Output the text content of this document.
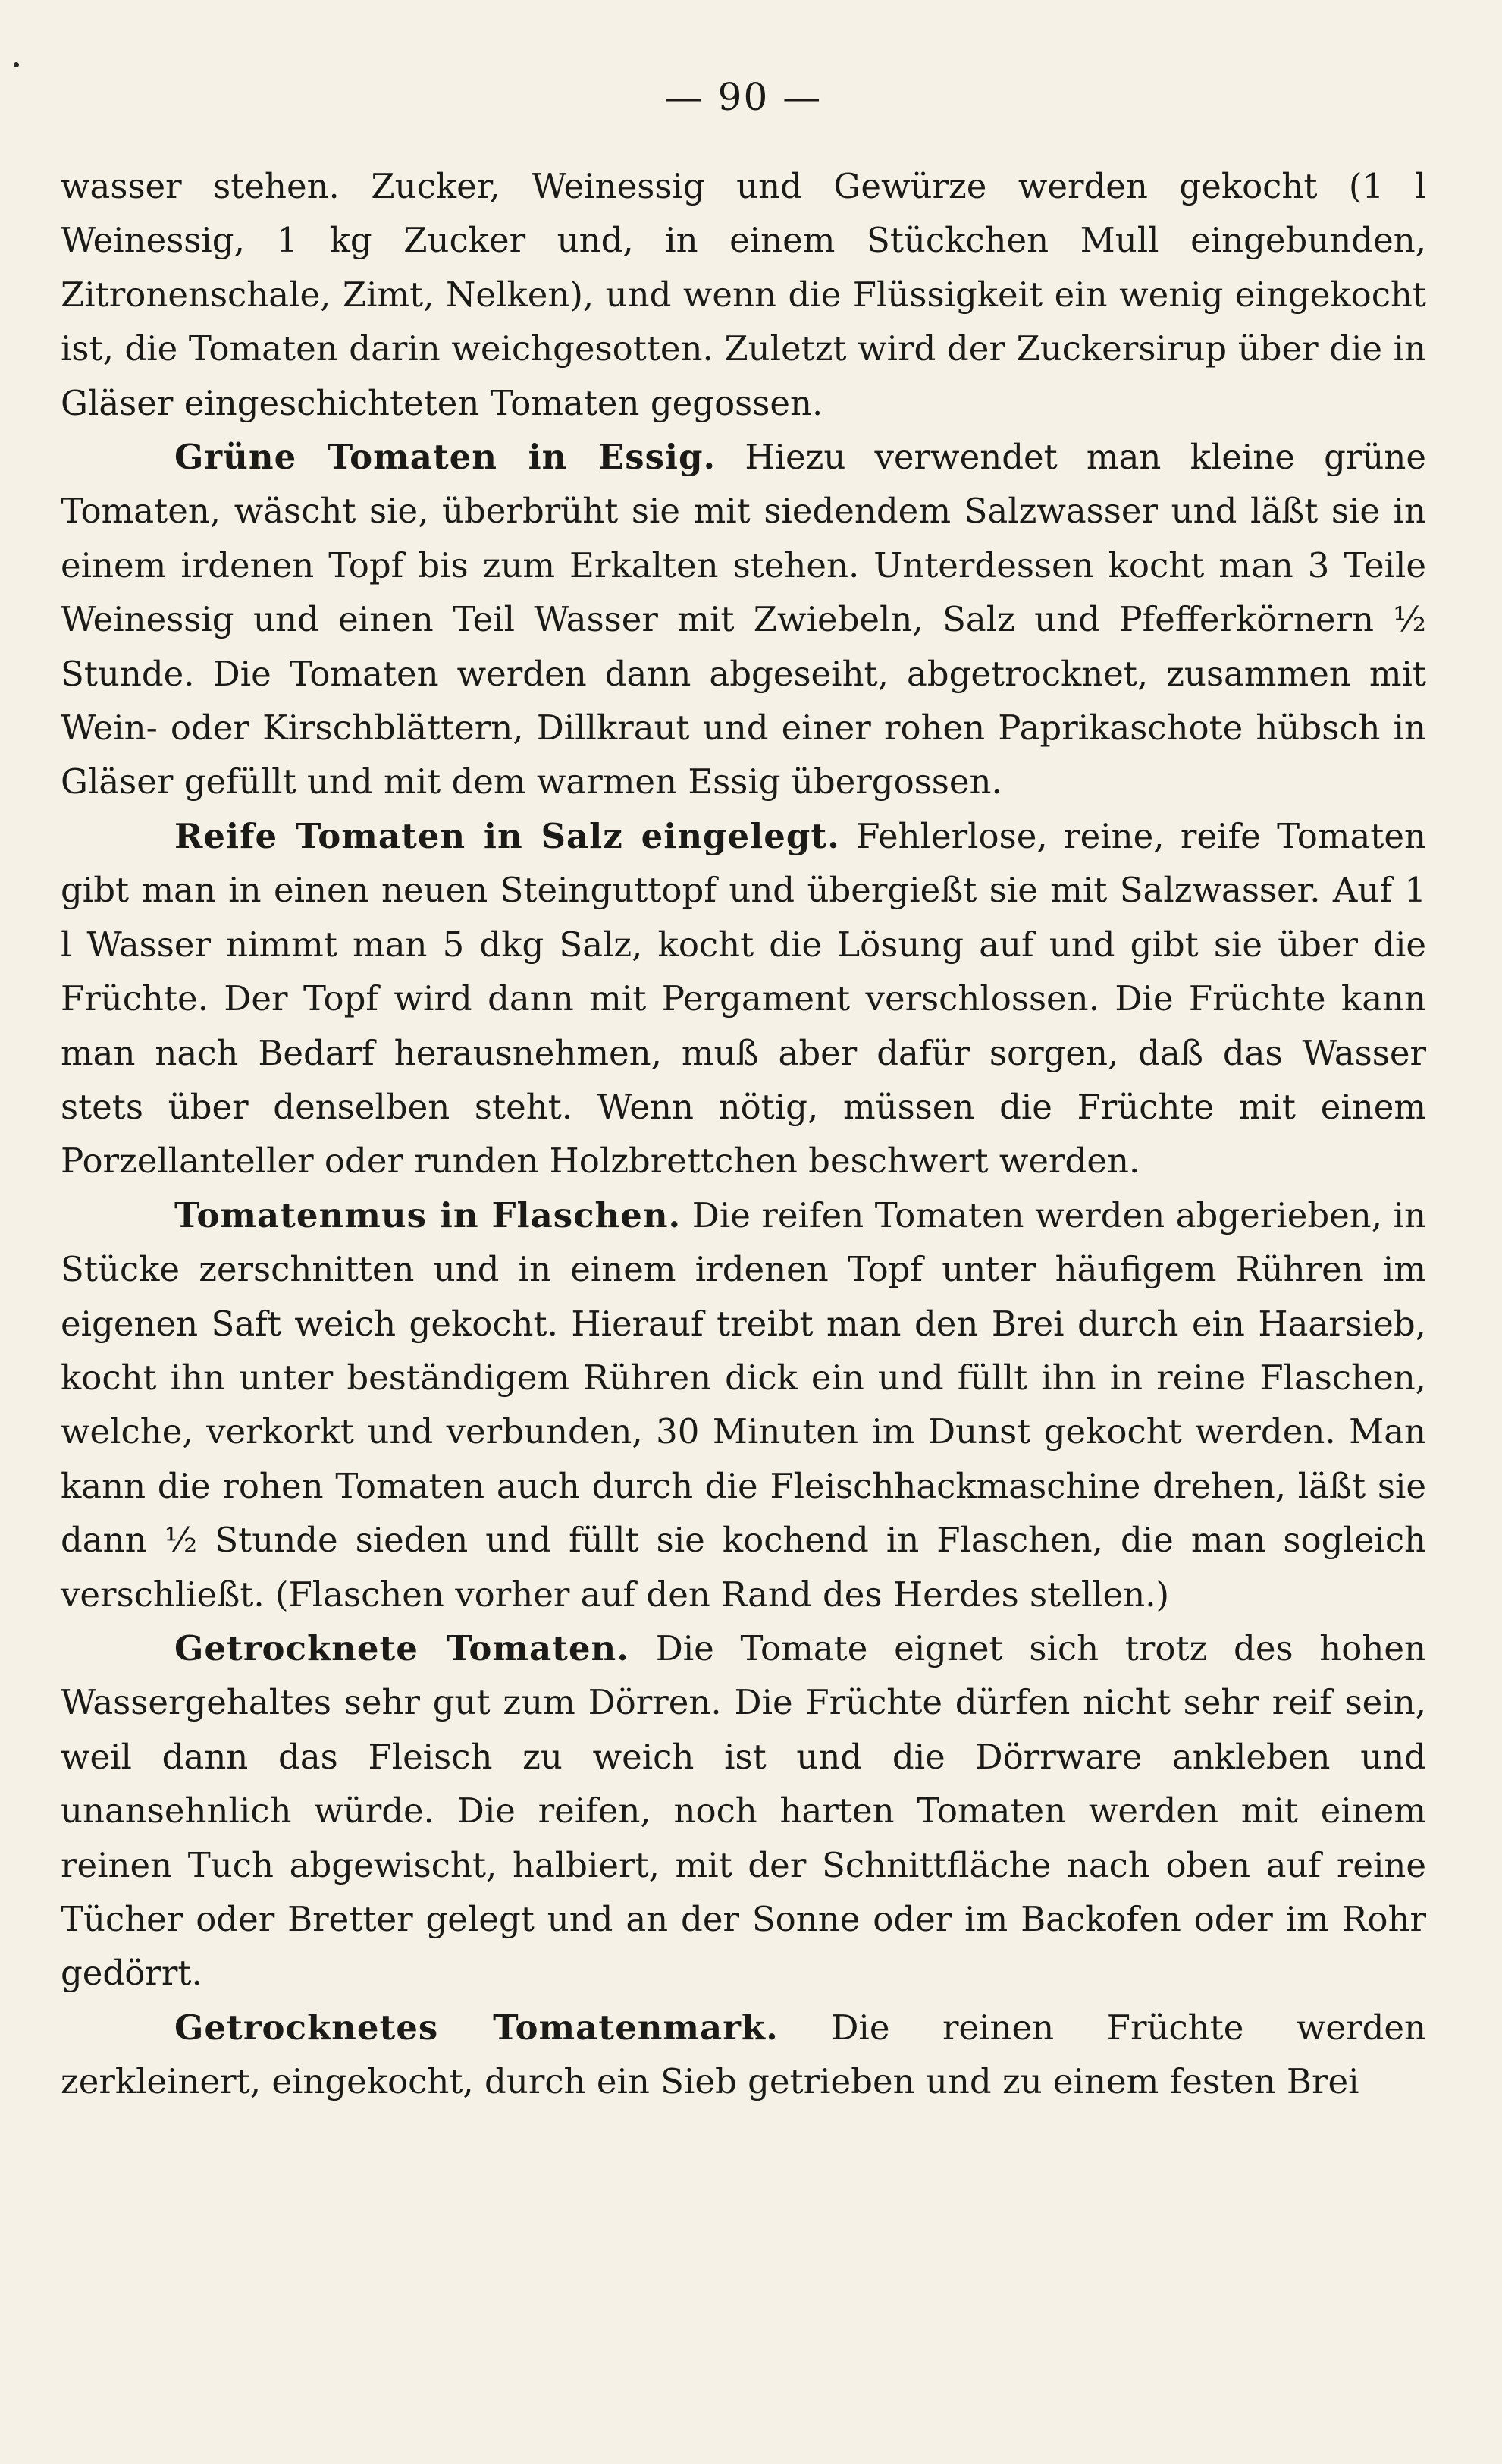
— 90 —

wasser stehen. Zucker, Weinessig und Gewürze werden gekocht (1 l Weinessig, 1 kg Zucker und, in einem Stückchen Mull eingebunden, Zitronenschale, Zimt, Nelken), und wenn die Flüssigkeit ein wenig eingekocht ist, die Tomaten darin weichgesotten. Zuletzt wird der Zuckersirup über die in Gläser eingeschichteten Tomaten gegossen.

Grüne Tomaten in Essig. Hiezu verwendet man kleine grüne Tomaten, wäscht sie, überbrüht sie mit siedendem Salzwasser und läßt sie in einem irdenen Topf bis zum Erkalten stehen. Unterdessen kocht man 3 Teile Weinessig und einen Teil Wasser mit Zwiebeln, Salz und Pfefferkörnern ½ Stunde. Die Tomaten werden dann abgeseiht, abgetrocknet, zusammen mit Wein- oder Kirschblättern, Dillkraut und einer rohen Paprikaschote hübsch in Gläser gefüllt und mit dem warmen Essig übergossen.

Reife Tomaten in Salz eingelegt. Fehlerlose, reine, reife Tomaten gibt man in einen neuen Steinguttopf und übergießt sie mit Salzwasser. Auf 1 l Wasser nimmt man 5 dkg Salz, kocht die Lösung auf und gibt sie über die Früchte. Der Topf wird dann mit Pergament verschlossen. Die Früchte kann man nach Bedarf herausnehmen, muß aber dafür sorgen, daß das Wasser stets über denselben steht. Wenn nötig, müssen die Früchte mit einem Porzellanteller oder runden Holzbrettchen beschwert werden.

Tomatenmus in Flaschen. Die reifen Tomaten werden abgerieben, in Stücke zerschnitten und in einem irdenen Topf unter häufigem Rühren im eigenen Saft weich gekocht. Hierauf treibt man den Brei durch ein Haarsieb, kocht ihn unter beständigem Rühren dick ein und füllt ihn in reine Flaschen, welche, verkorkt und verbunden, 30 Minuten im Dunst gekocht werden. Man kann die rohen Tomaten auch durch die Fleischhackmaschine drehen, läßt sie dann ½ Stunde sieden und füllt sie kochend in Flaschen, die man sogleich verschließt. (Flaschen vorher auf den Rand des Herdes stellen.)

Getrocknete Tomaten. Die Tomate eignet sich trotz des hohen Wassergehaltes sehr gut zum Dörren. Die Früchte dürfen nicht sehr reif sein, weil dann das Fleisch zu weich ist und die Dörrware ankleben und unansehnlich würde. Die reifen, noch harten Tomaten werden mit einem reinen Tuch abgewischt, halbiert, mit der Schnittfläche nach oben auf reine Tücher oder Bretter gelegt und an der Sonne oder im Backofen oder im Rohr gedörrt.

Getrocknetes Tomatenmark. Die reinen Früchte werden zerkleinert, eingekocht, durch ein Sieb getrieben und zu einem festen Brei
